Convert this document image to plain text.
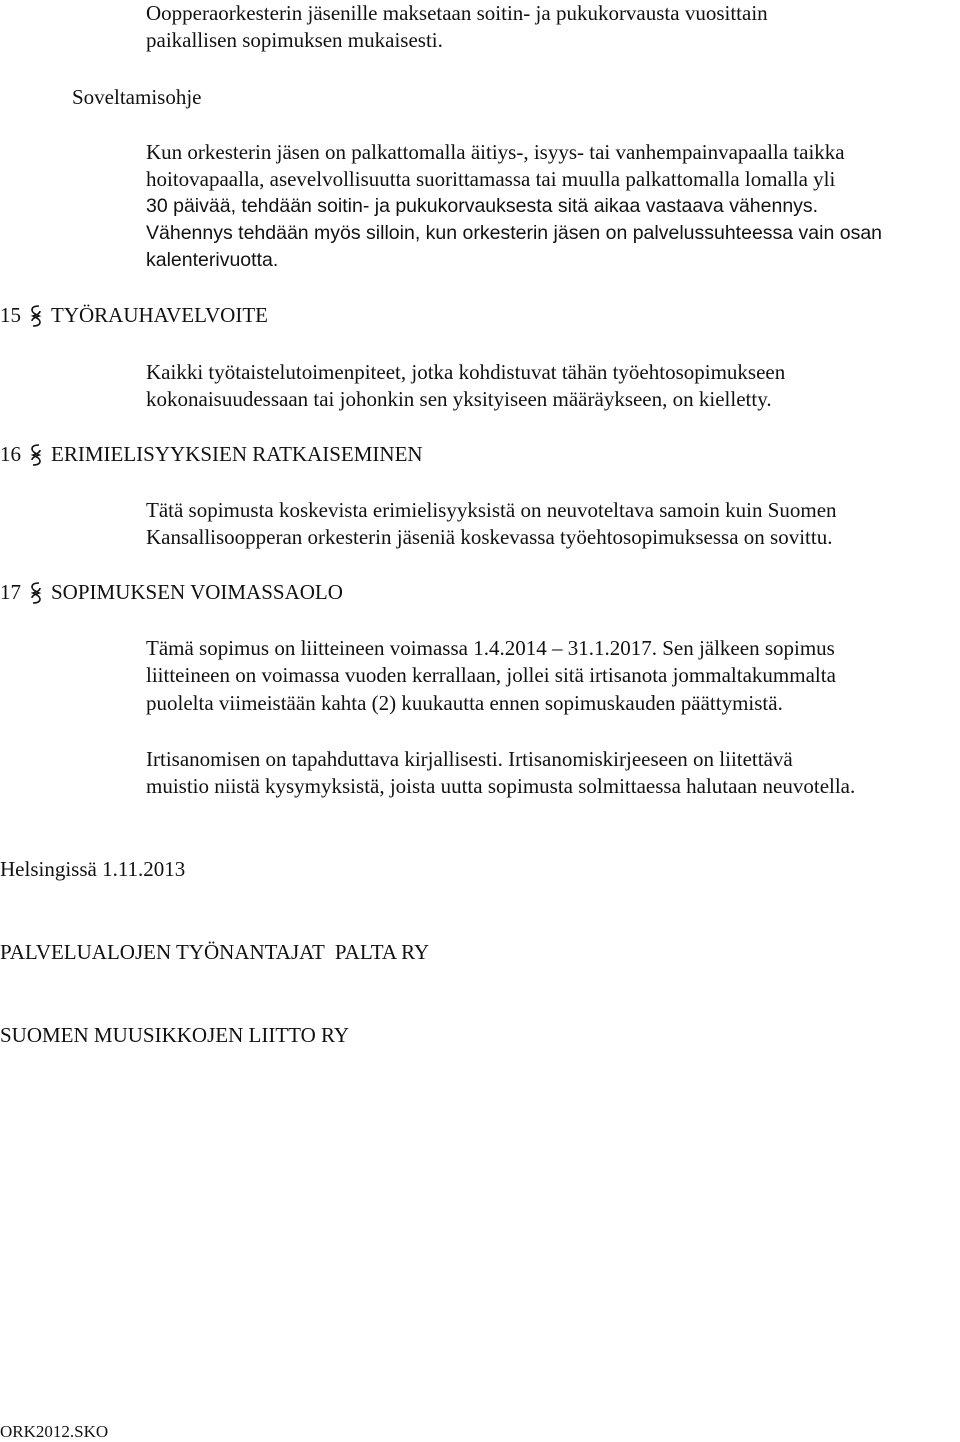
Oopperaorkesterin jäsenille maksetaan soitin- ja pukukorvausta vuosittain
paikallisen sopimuksen mukaisesti.
Soveltamisohje
Kun orkesterin jäsen on palkattomalla äitiys-, isyys- tai vanhempainvapaalla taikka
hoitovapaalla, asevelvollisuutta suorittamassa tai muulla palkattomalla lomalla yli
30 päivää, tehdään soitin- ja pukukorvauksesta sitä aikaa vastaava vähennys.
Vähennys tehdään myös silloin, kun orkesterin jäsen on palvelussuhteessa vain osan
kalenterivuotta.
15 TYÖRAUHAVELVOITE
Kaikki työtaistelutoimenpiteet, jotka kohdistuvat tähän työehtosopimukseen
kokonaisuudessaan tai johonkin sen yksityiseen määräykseen, on kielletty.
16 ERIMIELISYYKSIEN RATKAISEMINEN
Tätä sopimusta koskevista erimielisyyksistä on neuvoteltava samoin kuin Suomen
Kansallisoopperan orkesterin jäseniä koskevassa työehtosopimuksessa on sovittu.
17 SOPIMUKSEN VOIMASSAOLO
Tämä sopimus on liitteineen voimassa 1.4.2014 – 31.1.2017. Sen jälkeen sopimus
liitteineen on voimassa vuoden kerrallaan, jollei sitä irtisanota jommaltakummalta
puolelta viimeistään kahta (2) kuukautta ennen sopimuskauden päättymistä.
Irtisanomisen on tapahduttava kirjallisesti. Irtisanomiskirjeeseen on liitettävä
muistio niistä kysymyksistä, joista uutta sopimusta solmittaessa halutaan neuvotella.
Helsingissä 1.11.2013
PALVELUALOJEN TYÖNANTAJAT  PALTA RY
SUOMEN MUUSIKKOJEN LIITTO RY
ORK2012.SKO
